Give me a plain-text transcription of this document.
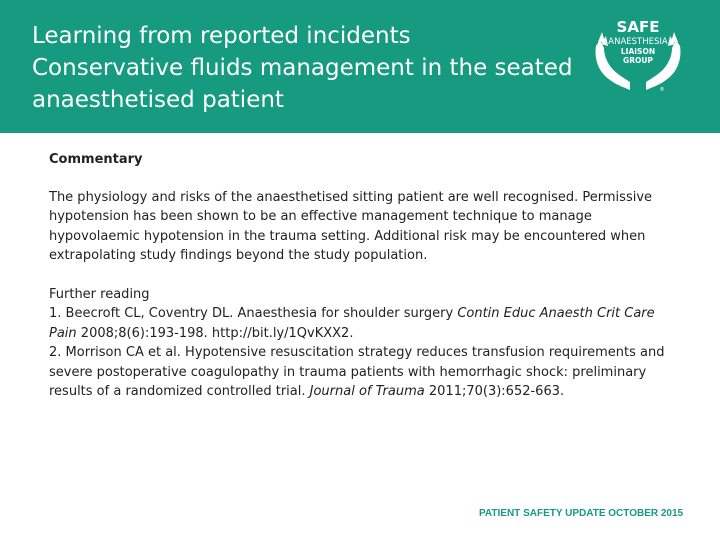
Learning from reported incidents
Conservative fluids management in the seated
anaesthetised patient
SAFE
ANAESTHESIA
LIAISON
GROUP
®

Commentary

The physiology and risks of the anaesthetised sitting patient are well recognised. Permissive
hypotension has been shown to be an effective management technique to manage
hypovolaemic hypotension in the trauma setting. Additional risk may be encountered when
extrapolating study findings beyond the study population.
Further reading
1. Beecroft CL, Coventry DL. Anaesthesia for shoulder surgery Contin Educ Anaesth Crit Care
Pain 2008;8(6):193-198. http://bit.ly/1QvKXX2.
2. Morrison CA et al. Hypotensive resuscitation strategy reduces transfusion requirements and
severe postoperative coagulopathy in trauma patients with hemorrhagic shock: preliminary
results of a randomized controlled trial. Journal of Trauma 2011;70(3):652-663.
PATIENT SAFETY UPDATE OCTOBER 2015
